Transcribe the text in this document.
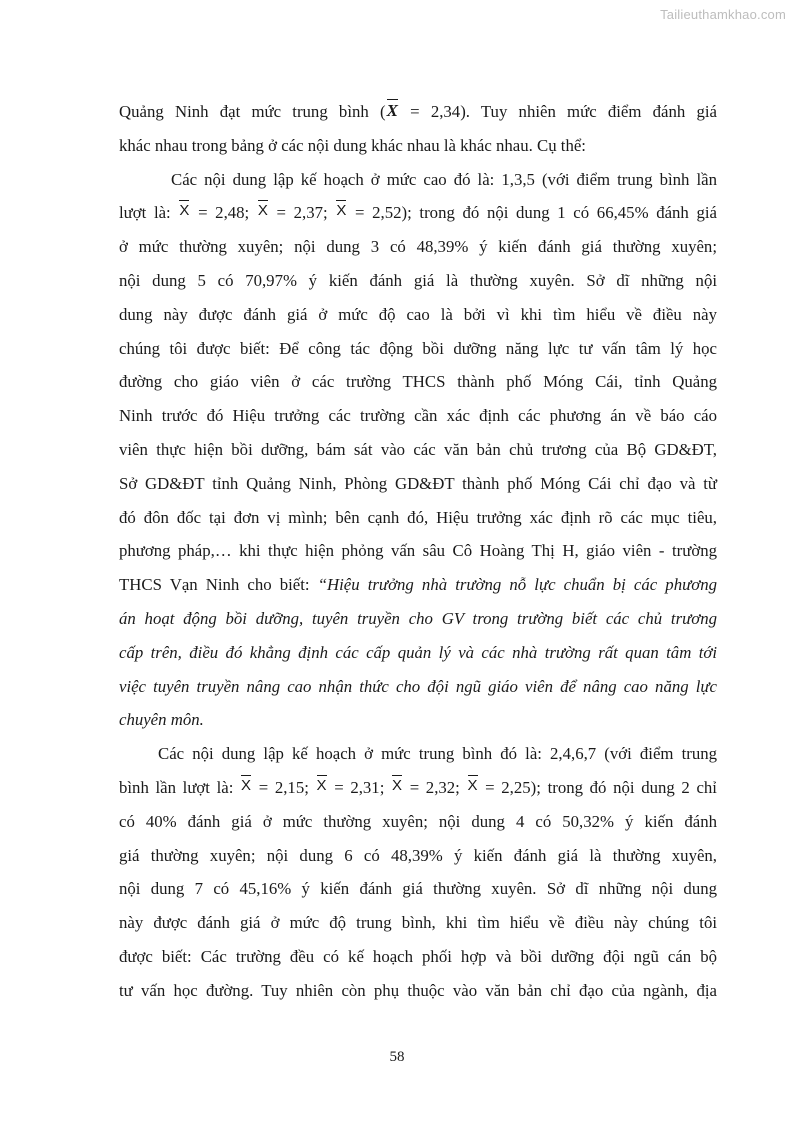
Tailieuthamkhao.com
Quảng Ninh đạt mức trung bình (X = 2,34). Tuy nhiên mức điểm đánh giá
khác nhau trong bảng ở các nội dung khác nhau là khác nhau. Cụ thể:
Các nội dung lập kế hoạch ở mức cao đó là: 1,3,5 (với điểm trung bình lần
lượt là: X = 2,48; X = 2,37; X = 2,52); trong đó nội dung 1 có 66,45% đánh giá
ở mức thường xuyên; nội dung 3 có 48,39% ý kiến đánh giá thường xuyên;
nội dung 5 có 70,97% ý kiến đánh giá là thường xuyên. Sở dĩ những nội
dung này được đánh giá ở mức độ cao là bởi vì khi tìm hiểu về điều này
chúng tôi được biết: Để công tác động bồi dưỡng năng lực tư vấn tâm lý học
đường cho giáo viên ở các trường THCS thành phố Móng Cái, tỉnh Quảng
Ninh trước đó Hiệu trưởng các trường cần xác định các phương án về báo cáo
viên thực hiện bồi dưỡng, bám sát vào các văn bản chủ trương của Bộ GD&ĐT,
Sở GD&ĐT tỉnh Quảng Ninh, Phòng GD&ĐT thành phố Móng Cái chỉ đạo và từ
đó đôn đốc tại đơn vị mình; bên cạnh đó, Hiệu trưởng xác định rõ các mục tiêu,
phương pháp,… khi thực hiện phỏng vấn sâu Cô Hoàng Thị H, giáo viên - trường
THCS Vạn Ninh cho biết: “Hiệu trưởng nhà trường nỗ lực chuẩn bị các phương
án hoạt động bồi dưỡng, tuyên truyền cho GV trong trường biết các chủ trương
cấp trên, điều đó khẳng định các cấp quản lý và các nhà trường rất quan tâm tới
việc tuyên truyền nâng cao nhận thức cho đội ngũ giáo viên để nâng cao năng lực
chuyên môn.
Các nội dung lập kế hoạch ở mức trung bình đó là: 2,4,6,7 (với điểm trung
bình lần lượt là: X = 2,15; X = 2,31; X = 2,32; X = 2,25); trong đó nội dung 2 chỉ
có 40% đánh giá ở mức thường xuyên; nội dung 4 có 50,32% ý kiến đánh
giá thường xuyên; nội dung 6 có 48,39% ý kiến đánh giá là thường xuyên,
nội dung 7 có 45,16% ý kiến đánh giá thường xuyên. Sở dĩ những nội dung
này được đánh giá ở mức độ trung bình, khi tìm hiểu về điều này chúng tôi
được biết: Các trường đều có kế hoạch phối hợp và bồi dưỡng đội ngũ cán bộ
tư vấn học đường. Tuy nhiên còn phụ thuộc vào văn bản chỉ đạo của ngành, địa
58
